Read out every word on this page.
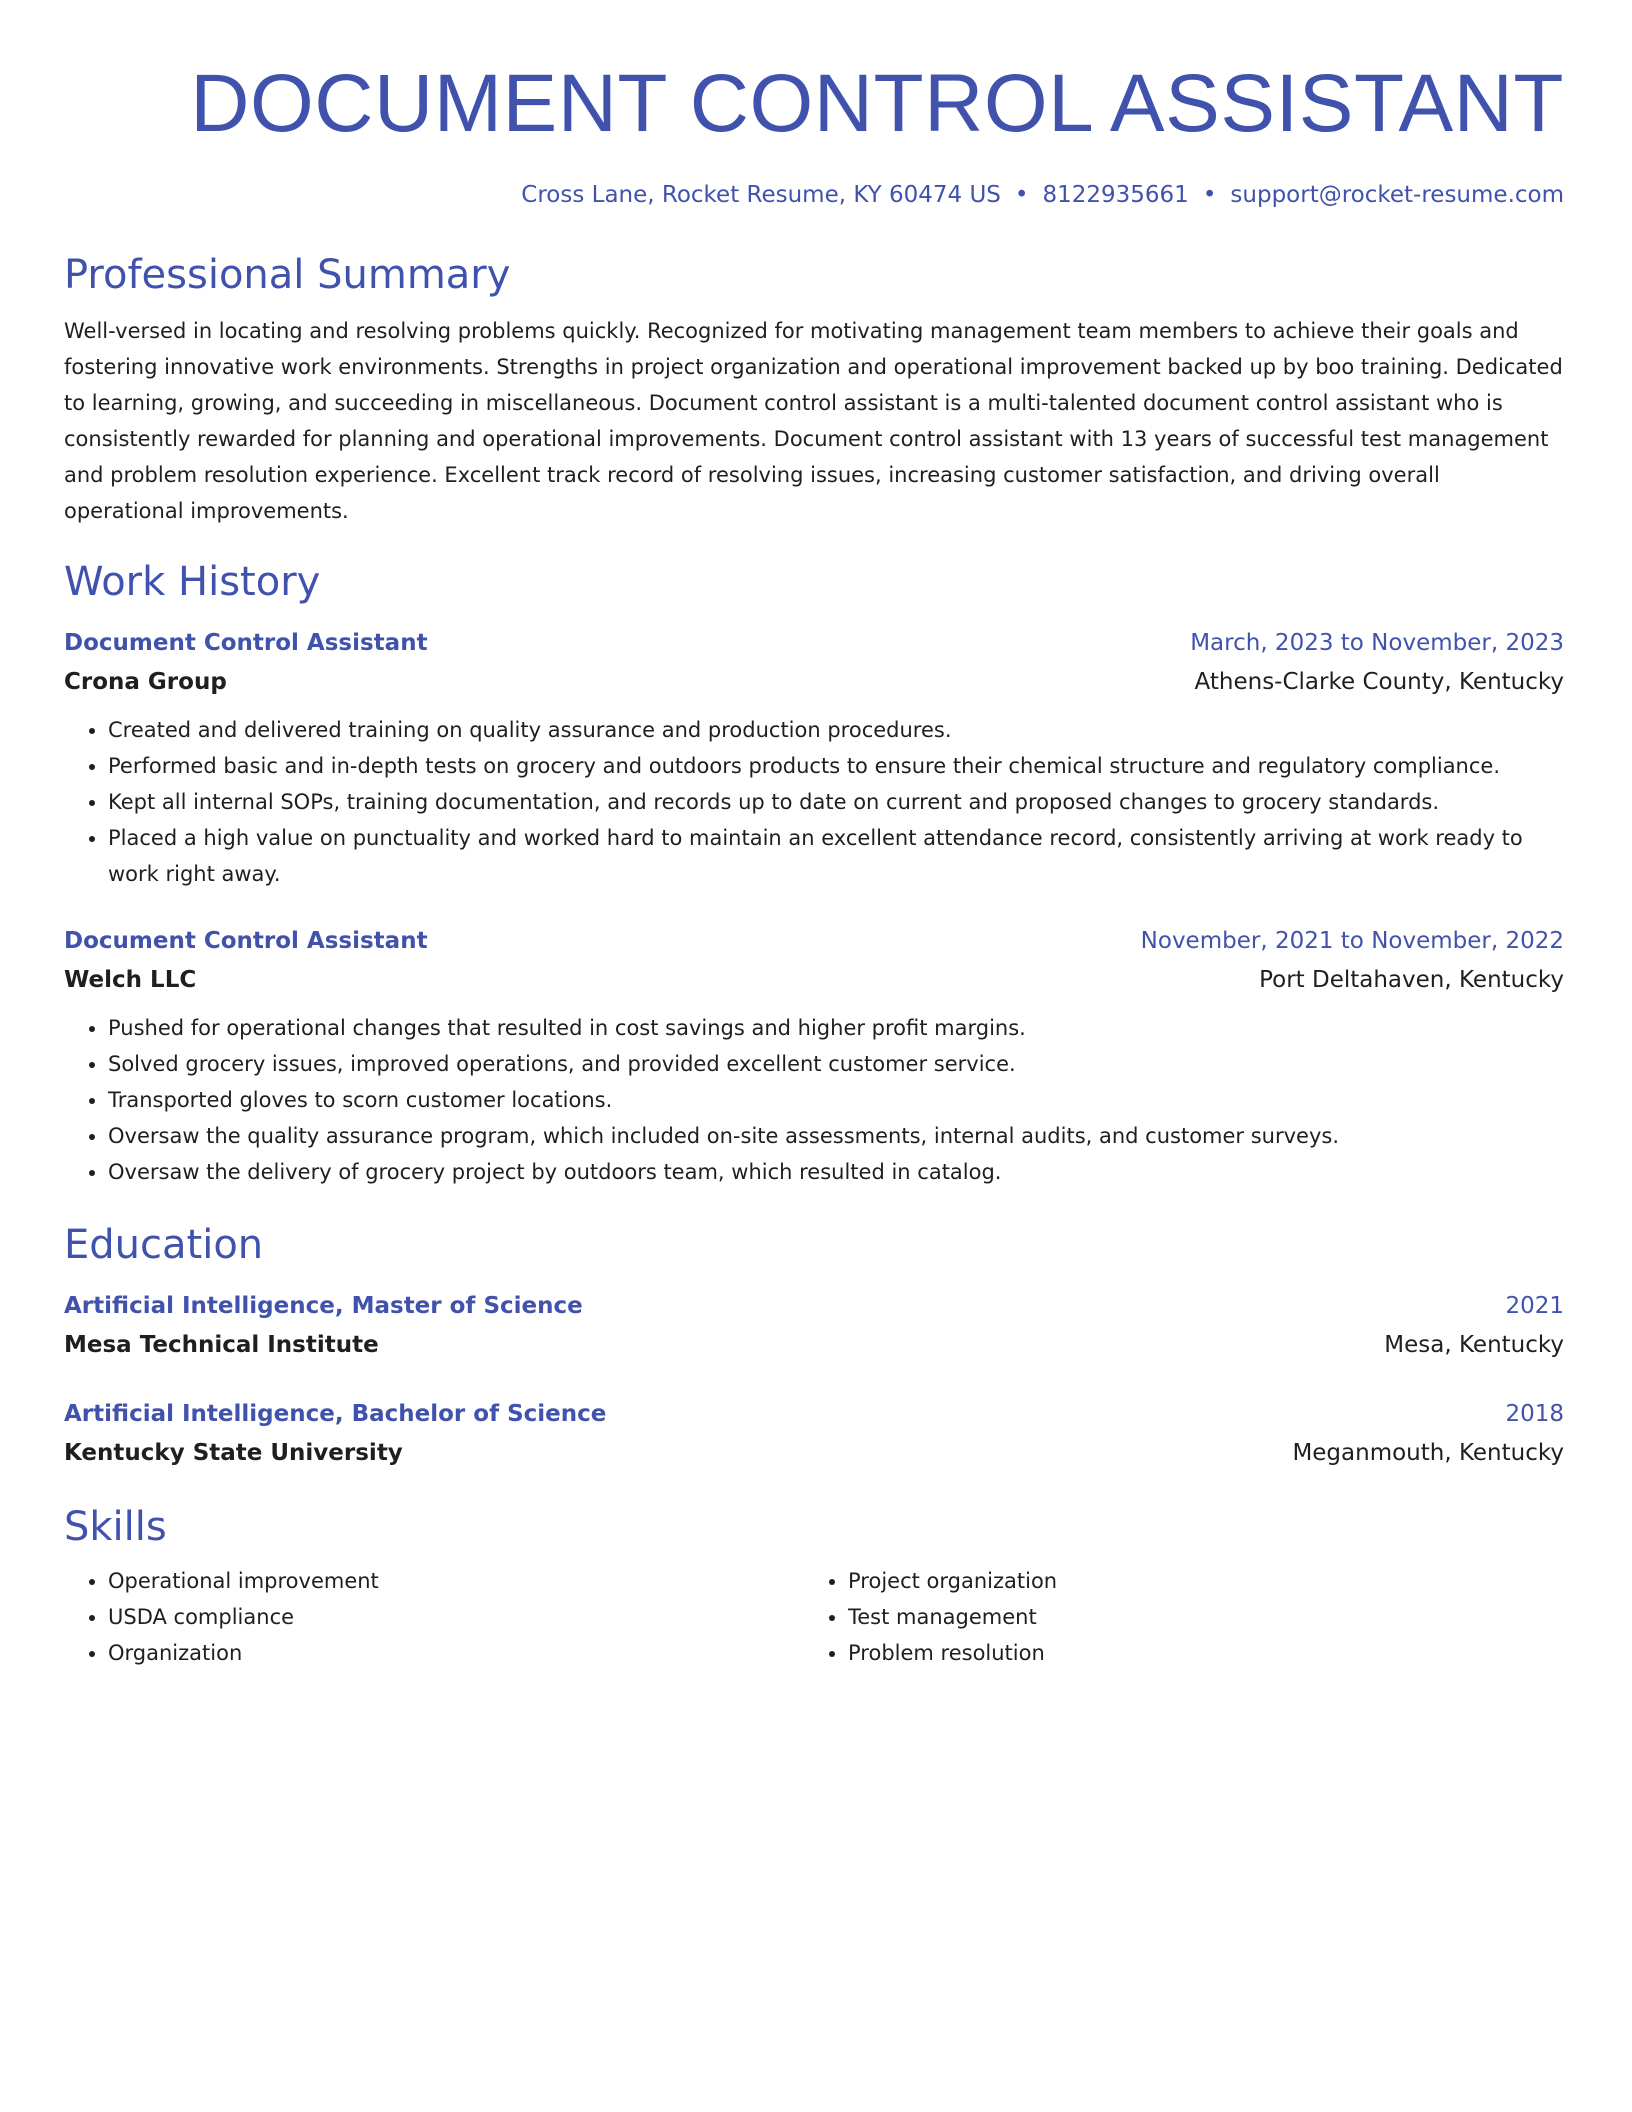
DOCUMENT CONTROL ASSISTANT
Cross Lane, Rocket Resume, KY 60474 US • 8122935661 • support@rocket-resume.com
Professional Summary
Well-versed in locating and resolving problems quickly. Recognized for motivating management team members to achieve their goals and fostering innovative work environments. Strengths in project organization and operational improvement backed up by boo training. Dedicated to learning, growing, and succeeding in miscellaneous. Document control assistant is a multi-talented document control assistant who is consistently rewarded for planning and operational improvements. Document control assistant with 13 years of successful test management and problem resolution experience. Excellent track record of resolving issues, increasing customer satisfaction, and driving overall operational improvements.
Work History
Document Control Assistant	March, 2023 to November, 2023
Crona Group	Athens-Clarke County, Kentucky
• Created and delivered training on quality assurance and production procedures.
• Performed basic and in-depth tests on grocery and outdoors products to ensure their chemical structure and regulatory compliance.
• Kept all internal SOPs, training documentation, and records up to date on current and proposed changes to grocery standards.
• Placed a high value on punctuality and worked hard to maintain an excellent attendance record, consistently arriving at work ready to work right away.
Document Control Assistant	November, 2021 to November, 2022
Welch LLC	Port Deltahaven, Kentucky
• Pushed for operational changes that resulted in cost savings and higher profit margins.
• Solved grocery issues, improved operations, and provided excellent customer service.
• Transported gloves to scorn customer locations.
• Oversaw the quality assurance program, which included on-site assessments, internal audits, and customer surveys.
• Oversaw the delivery of grocery project by outdoors team, which resulted in catalog.
Education
Artificial Intelligence, Master of Science	2021
Mesa Technical Institute	Mesa, Kentucky
Artificial Intelligence, Bachelor of Science	2018
Kentucky State University	Meganmouth, Kentucky
Skills
• Operational improvement
• USDA compliance
• Organization
• Project organization
• Test management
• Problem resolution
